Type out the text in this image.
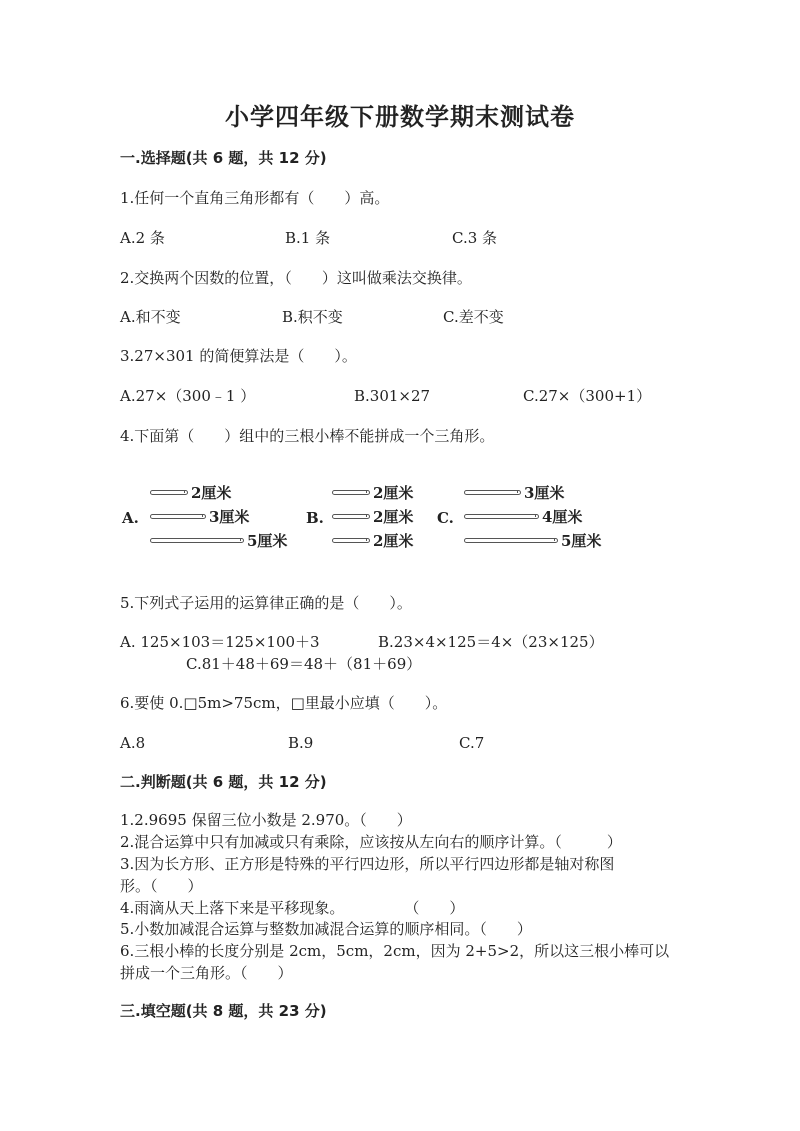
小学四年级下册数学期末测试卷
一.选择题(共 6 题，共 12 分)
1.任何一个直角三角形都有（　　）高。
A.2 条	B.1 条	C.3 条
2.交换两个因数的位置，（　　）这叫做乘法交换律。
A.和不变	B.积不变	C.差不变
3.27×301 的简便算法是（　　）。
A.27×（300﹣1 ）	B.301×27	C.27×（300+1）
4.下面第（　　）组中的三根小棒不能拼成一个三角形。
A.
2厘米
3厘米
5厘米
B.
2厘米
2厘米
2厘米
C.
3厘米
4厘米
5厘米
5.下列式子运用的运算律正确的是（　　）。
A. 125×103＝125×100＋3	B.23×4×125＝4×（23×125）
C.81＋48＋69＝48＋（81＋69）
6.要使 0.□5m>75cm，□里最小应填（　　）。
A.8	B.9	C.7
二.判断题(共 6 题，共 12 分)
1.2.9695 保留三位小数是 2.970。（　　）
2.混合运算中只有加减或只有乘除，应该按从左向右的顺序计算。（　　　）
3.因为长方形、正方形是特殊的平行四边形，所以平行四边形都是轴对称图
形。（　　）
4.雨滴从天上落下来是平移现象。　　　　　（　　）
5.小数加减混合运算与整数加减混合运算的顺序相同。（　　）
6.三根小棒的长度分别是 2cm，5cm，2cm，因为 2+5>2，所以这三根小棒可以
拼成一个三角形。（　　）
三.填空题(共 8 题，共 23 分)
